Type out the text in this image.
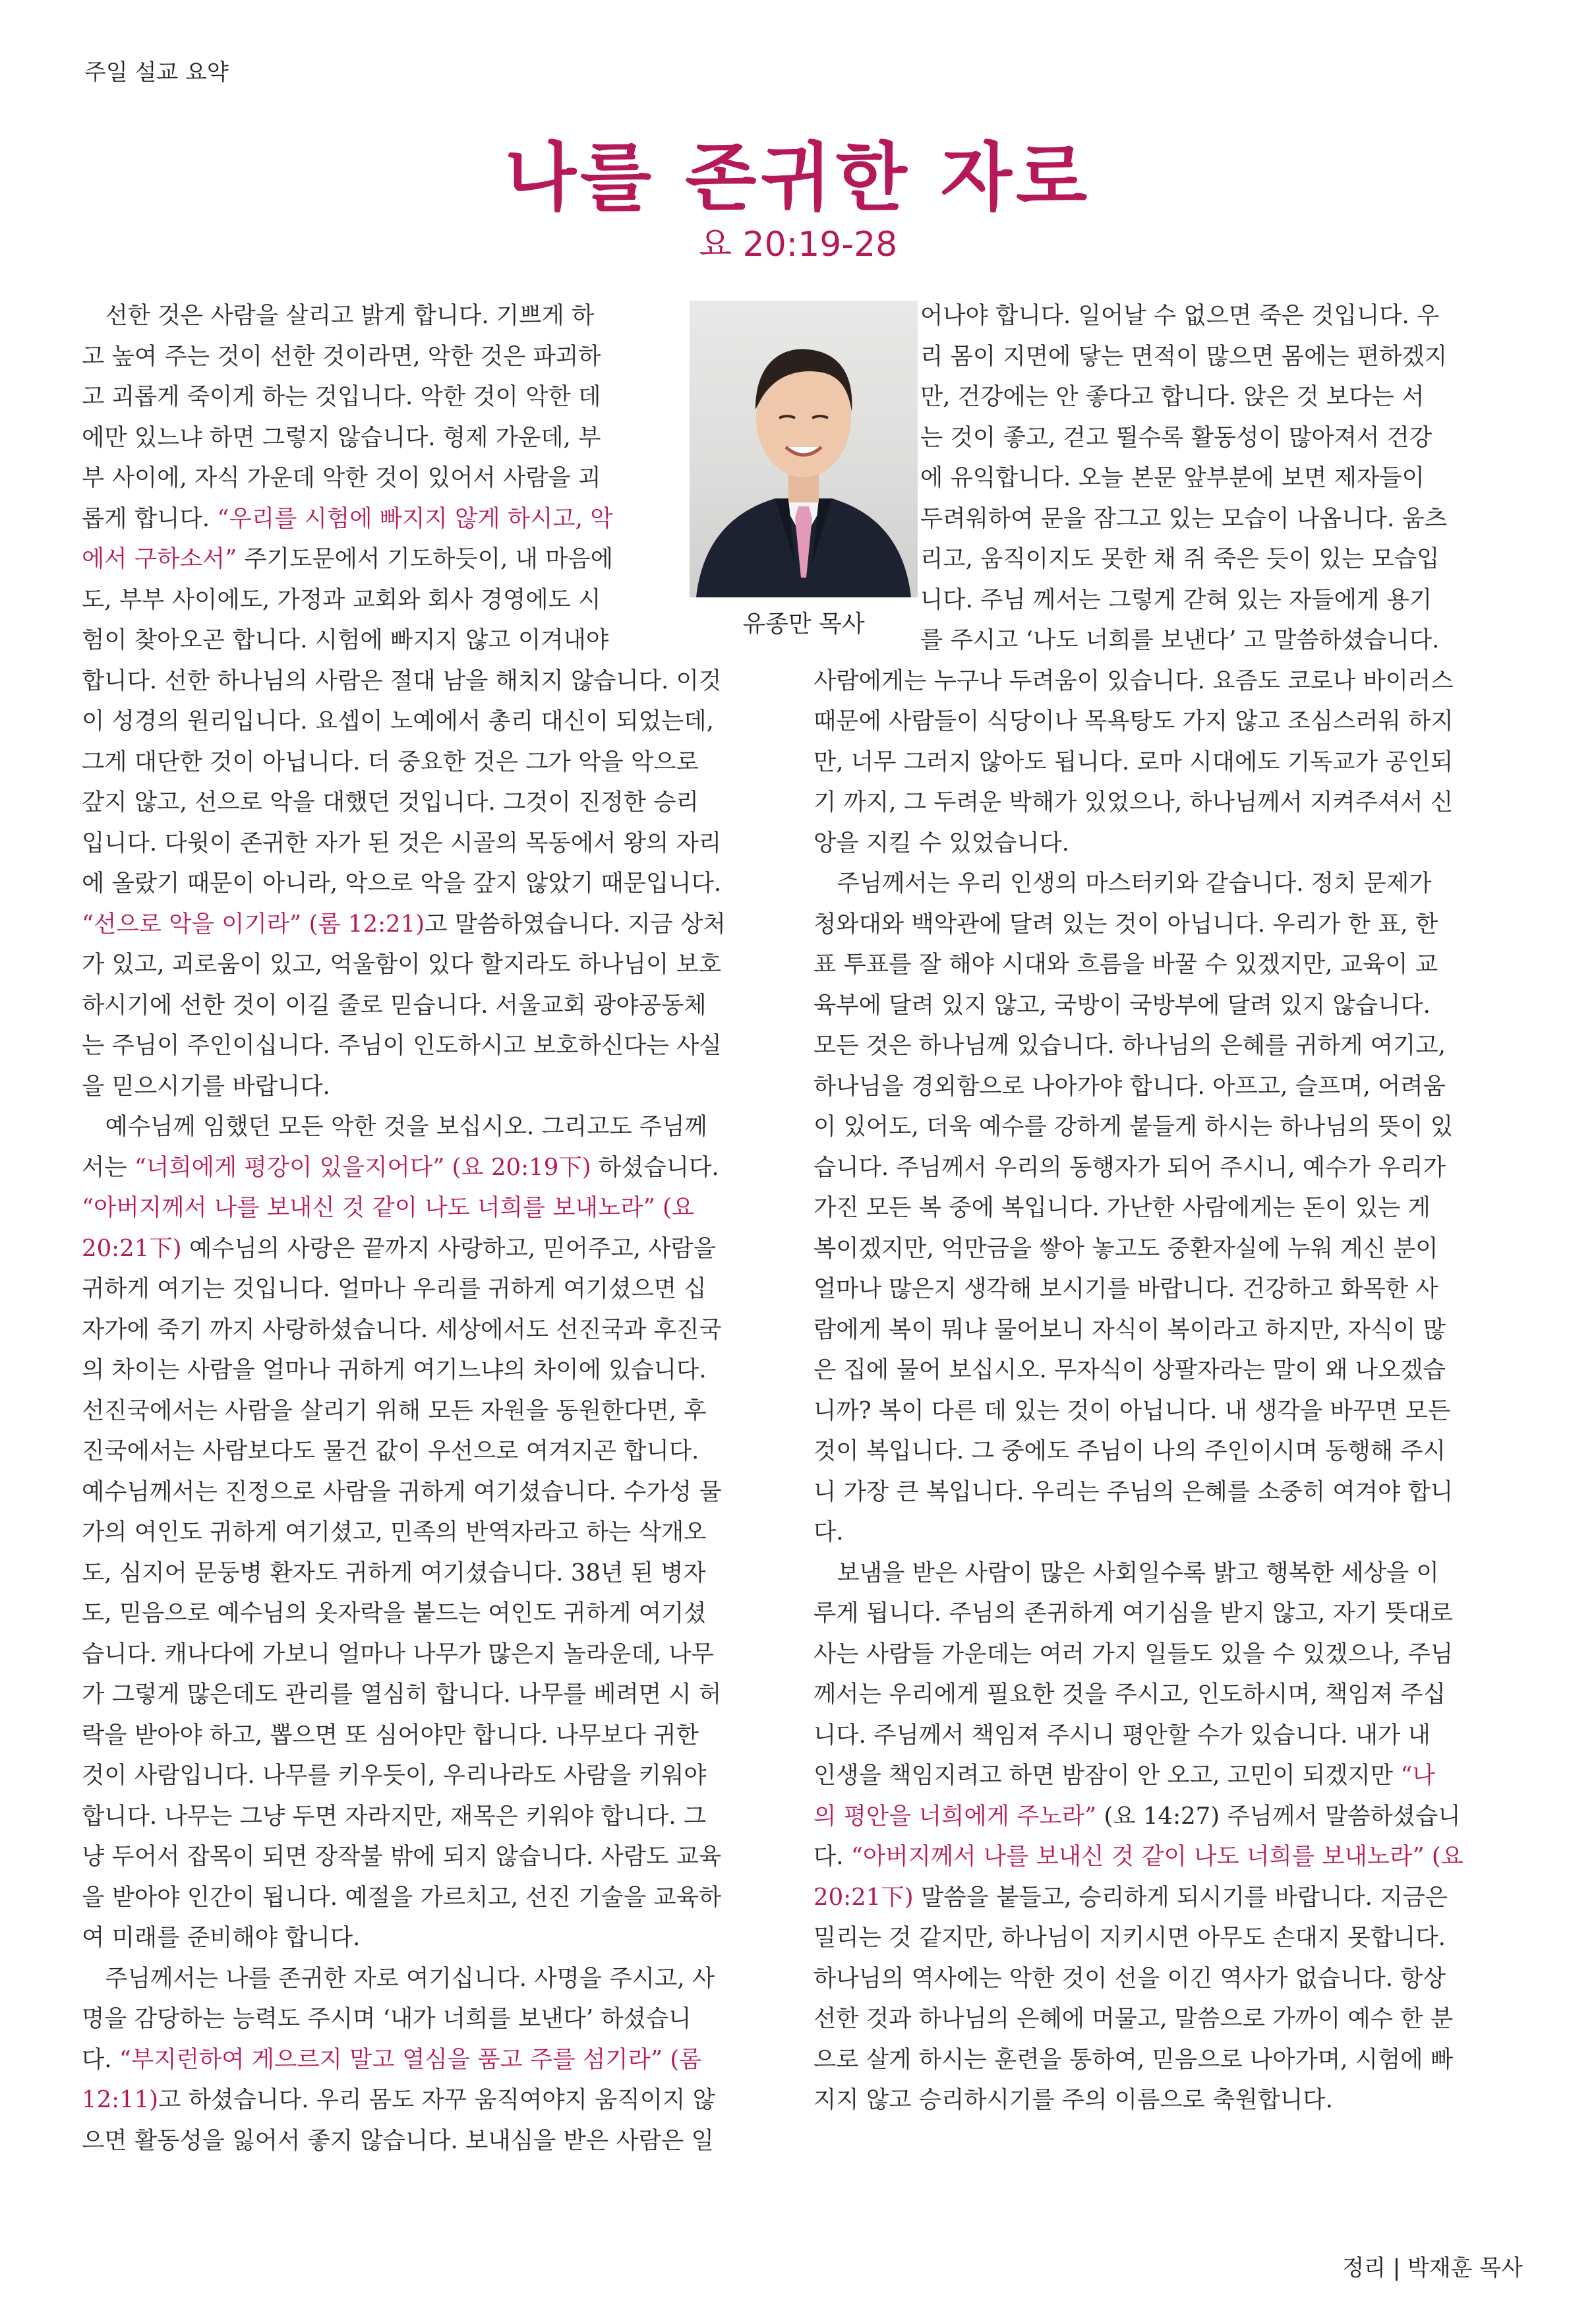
주일 설교 요약
나를 존귀한 자로
요 20:19-28
유종만 목사
　선한 것은 사람을 살리고 밝게 합니다. 기쁘게 하
고 높여 주는 것이 선한 것이라면, 악한 것은 파괴하
고 괴롭게 죽이게 하는 것입니다. 악한 것이 악한 데
에만 있느냐 하면 그렇지 않습니다. 형제 가운데, 부
부 사이에, 자식 가운데 악한 것이 있어서 사람을 괴
롭게 합니다. “우리를 시험에 빠지지 않게 하시고, 악
에서 구하소서” 주기도문에서 기도하듯이, 내 마음에
도, 부부 사이에도, 가정과 교회와 회사 경영에도 시
험이 찾아오곤 합니다. 시험에 빠지지 않고 이겨내야
합니다. 선한 하나님의 사람은 절대 남을 해치지 않습니다. 이것
이 성경의 원리입니다. 요셉이 노예에서 총리 대신이 되었는데,
그게 대단한 것이 아닙니다. 더 중요한 것은 그가 악을 악으로
갚지 않고, 선으로 악을 대했던 것입니다. 그것이 진정한 승리
입니다. 다윗이 존귀한 자가 된 것은 시골의 목동에서 왕의 자리
에 올랐기 때문이 아니라, 악으로 악을 갚지 않았기 때문입니다.
“선으로 악을 이기라” (롬 12:21)고 말씀하였습니다. 지금 상처
가 있고, 괴로움이 있고, 억울함이 있다 할지라도 하나님이 보호
하시기에 선한 것이 이길 줄로 믿습니다. 서울교회 광야공동체
는 주님이 주인이십니다. 주님이 인도하시고 보호하신다는 사실
을 믿으시기를 바랍니다.
　예수님께 임했던 모든 악한 것을 보십시오. 그리고도 주님께
서는 “너희에게 평강이 있을지어다” (요 20:19下) 하셨습니다.
“아버지께서 나를 보내신 것 같이 나도 너희를 보내노라” (요
20:21下) 예수님의 사랑은 끝까지 사랑하고, 믿어주고, 사람을
귀하게 여기는 것입니다. 얼마나 우리를 귀하게 여기셨으면 십
자가에 죽기 까지 사랑하셨습니다. 세상에서도 선진국과 후진국
의 차이는 사람을 얼마나 귀하게 여기느냐의 차이에 있습니다.
선진국에서는 사람을 살리기 위해 모든 자원을 동원한다면, 후
진국에서는 사람보다도 물건 값이 우선으로 여겨지곤 합니다.
예수님께서는 진정으로 사람을 귀하게 여기셨습니다. 수가성 물
가의 여인도 귀하게 여기셨고, 민족의 반역자라고 하는 삭개오
도, 심지어 문둥병 환자도 귀하게 여기셨습니다. 38년 된 병자
도, 믿음으로 예수님의 옷자락을 붙드는 여인도 귀하게 여기셨
습니다. 캐나다에 가보니 얼마나 나무가 많은지 놀라운데, 나무
가 그렇게 많은데도 관리를 열심히 합니다. 나무를 베려면 시 허
락을 받아야 하고, 뽑으면 또 심어야만 합니다. 나무보다 귀한
것이 사람입니다. 나무를 키우듯이, 우리나라도 사람을 키워야
합니다. 나무는 그냥 두면 자라지만, 재목은 키워야 합니다. 그
냥 두어서 잡목이 되면 장작불 밖에 되지 않습니다. 사람도 교육
을 받아야 인간이 됩니다. 예절을 가르치고, 선진 기술을 교육하
여 미래를 준비해야 합니다.
　주님께서는 나를 존귀한 자로 여기십니다. 사명을 주시고, 사
명을 감당하는 능력도 주시며 ‘내가 너희를 보낸다’ 하셨습니
다. “부지런하여 게으르지 말고 열심을 품고 주를 섬기라” (롬
12:11)고 하셨습니다. 우리 몸도 자꾸 움직여야지 움직이지 않
으면 활동성을 잃어서 좋지 않습니다. 보내심을 받은 사람은 일
어나야 합니다. 일어날 수 없으면 죽은 것입니다. 우
리 몸이 지면에 닿는 면적이 많으면 몸에는 편하겠지
만, 건강에는 안 좋다고 합니다. 앉은 것 보다는 서
는 것이 좋고, 걷고 뛸수록 활동성이 많아져서 건강
에 유익합니다. 오늘 본문 앞부분에 보면 제자들이
두려워하여 문을 잠그고 있는 모습이 나옵니다. 움츠
리고, 움직이지도 못한 채 쥐 죽은 듯이 있는 모습입
니다. 주님 께서는 그렇게 갇혀 있는 자들에게 용기
를 주시고 ‘나도 너희를 보낸다’ 고 말씀하셨습니다.
사람에게는 누구나 두려움이 있습니다. 요즘도 코로나 바이러스
때문에 사람들이 식당이나 목욕탕도 가지 않고 조심스러워 하지
만, 너무 그러지 않아도 됩니다. 로마 시대에도 기독교가 공인되
기 까지, 그 두려운 박해가 있었으나, 하나님께서 지켜주셔서 신
앙을 지킬 수 있었습니다.
　주님께서는 우리 인생의 마스터키와 같습니다. 정치 문제가
청와대와 백악관에 달려 있는 것이 아닙니다. 우리가 한 표, 한
표 투표를 잘 해야 시대와 흐름을 바꿀 수 있겠지만, 교육이 교
육부에 달려 있지 않고, 국방이 국방부에 달려 있지 않습니다.
모든 것은 하나님께 있습니다. 하나님의 은혜를 귀하게 여기고,
하나님을 경외함으로 나아가야 합니다. 아프고, 슬프며, 어려움
이 있어도, 더욱 예수를 강하게 붙들게 하시는 하나님의 뜻이 있
습니다. 주님께서 우리의 동행자가 되어 주시니, 예수가 우리가
가진 모든 복 중에 복입니다. 가난한 사람에게는 돈이 있는 게
복이겠지만, 억만금을 쌓아 놓고도 중환자실에 누워 계신 분이
얼마나 많은지 생각해 보시기를 바랍니다. 건강하고 화목한 사
람에게 복이 뭐냐 물어보니 자식이 복이라고 하지만, 자식이 많
은 집에 물어 보십시오. 무자식이 상팔자라는 말이 왜 나오겠습
니까? 복이 다른 데 있는 것이 아닙니다. 내 생각을 바꾸면 모든
것이 복입니다. 그 중에도 주님이 나의 주인이시며 동행해 주시
니 가장 큰 복입니다. 우리는 주님의 은혜를 소중히 여겨야 합니
다.
　보냄을 받은 사람이 많은 사회일수록 밝고 행복한 세상을 이
루게 됩니다. 주님의 존귀하게 여기심을 받지 않고, 자기 뜻대로
사는 사람들 가운데는 여러 가지 일들도 있을 수 있겠으나, 주님
께서는 우리에게 필요한 것을 주시고, 인도하시며, 책임져 주십
니다. 주님께서 책임져 주시니 평안할 수가 있습니다. 내가 내
인생을 책임지려고 하면 밤잠이 안 오고, 고민이 되겠지만 “나
의 평안을 너희에게 주노라” (요 14:27) 주님께서 말씀하셨습니
다. “아버지께서 나를 보내신 것 같이 나도 너희를 보내노라” (요
20:21下) 말씀을 붙들고, 승리하게 되시기를 바랍니다. 지금은
밀리는 것 같지만, 하나님이 지키시면 아무도 손대지 못합니다.
하나님의 역사에는 악한 것이 선을 이긴 역사가 없습니다. 항상
선한 것과 하나님의 은혜에 머물고, 말씀으로 가까이 예수 한 분
으로 살게 하시는 훈련을 통하여, 믿음으로 나아가며, 시험에 빠
지지 않고 승리하시기를 주의 이름으로 축원합니다.
정리 | 박재훈 목사
